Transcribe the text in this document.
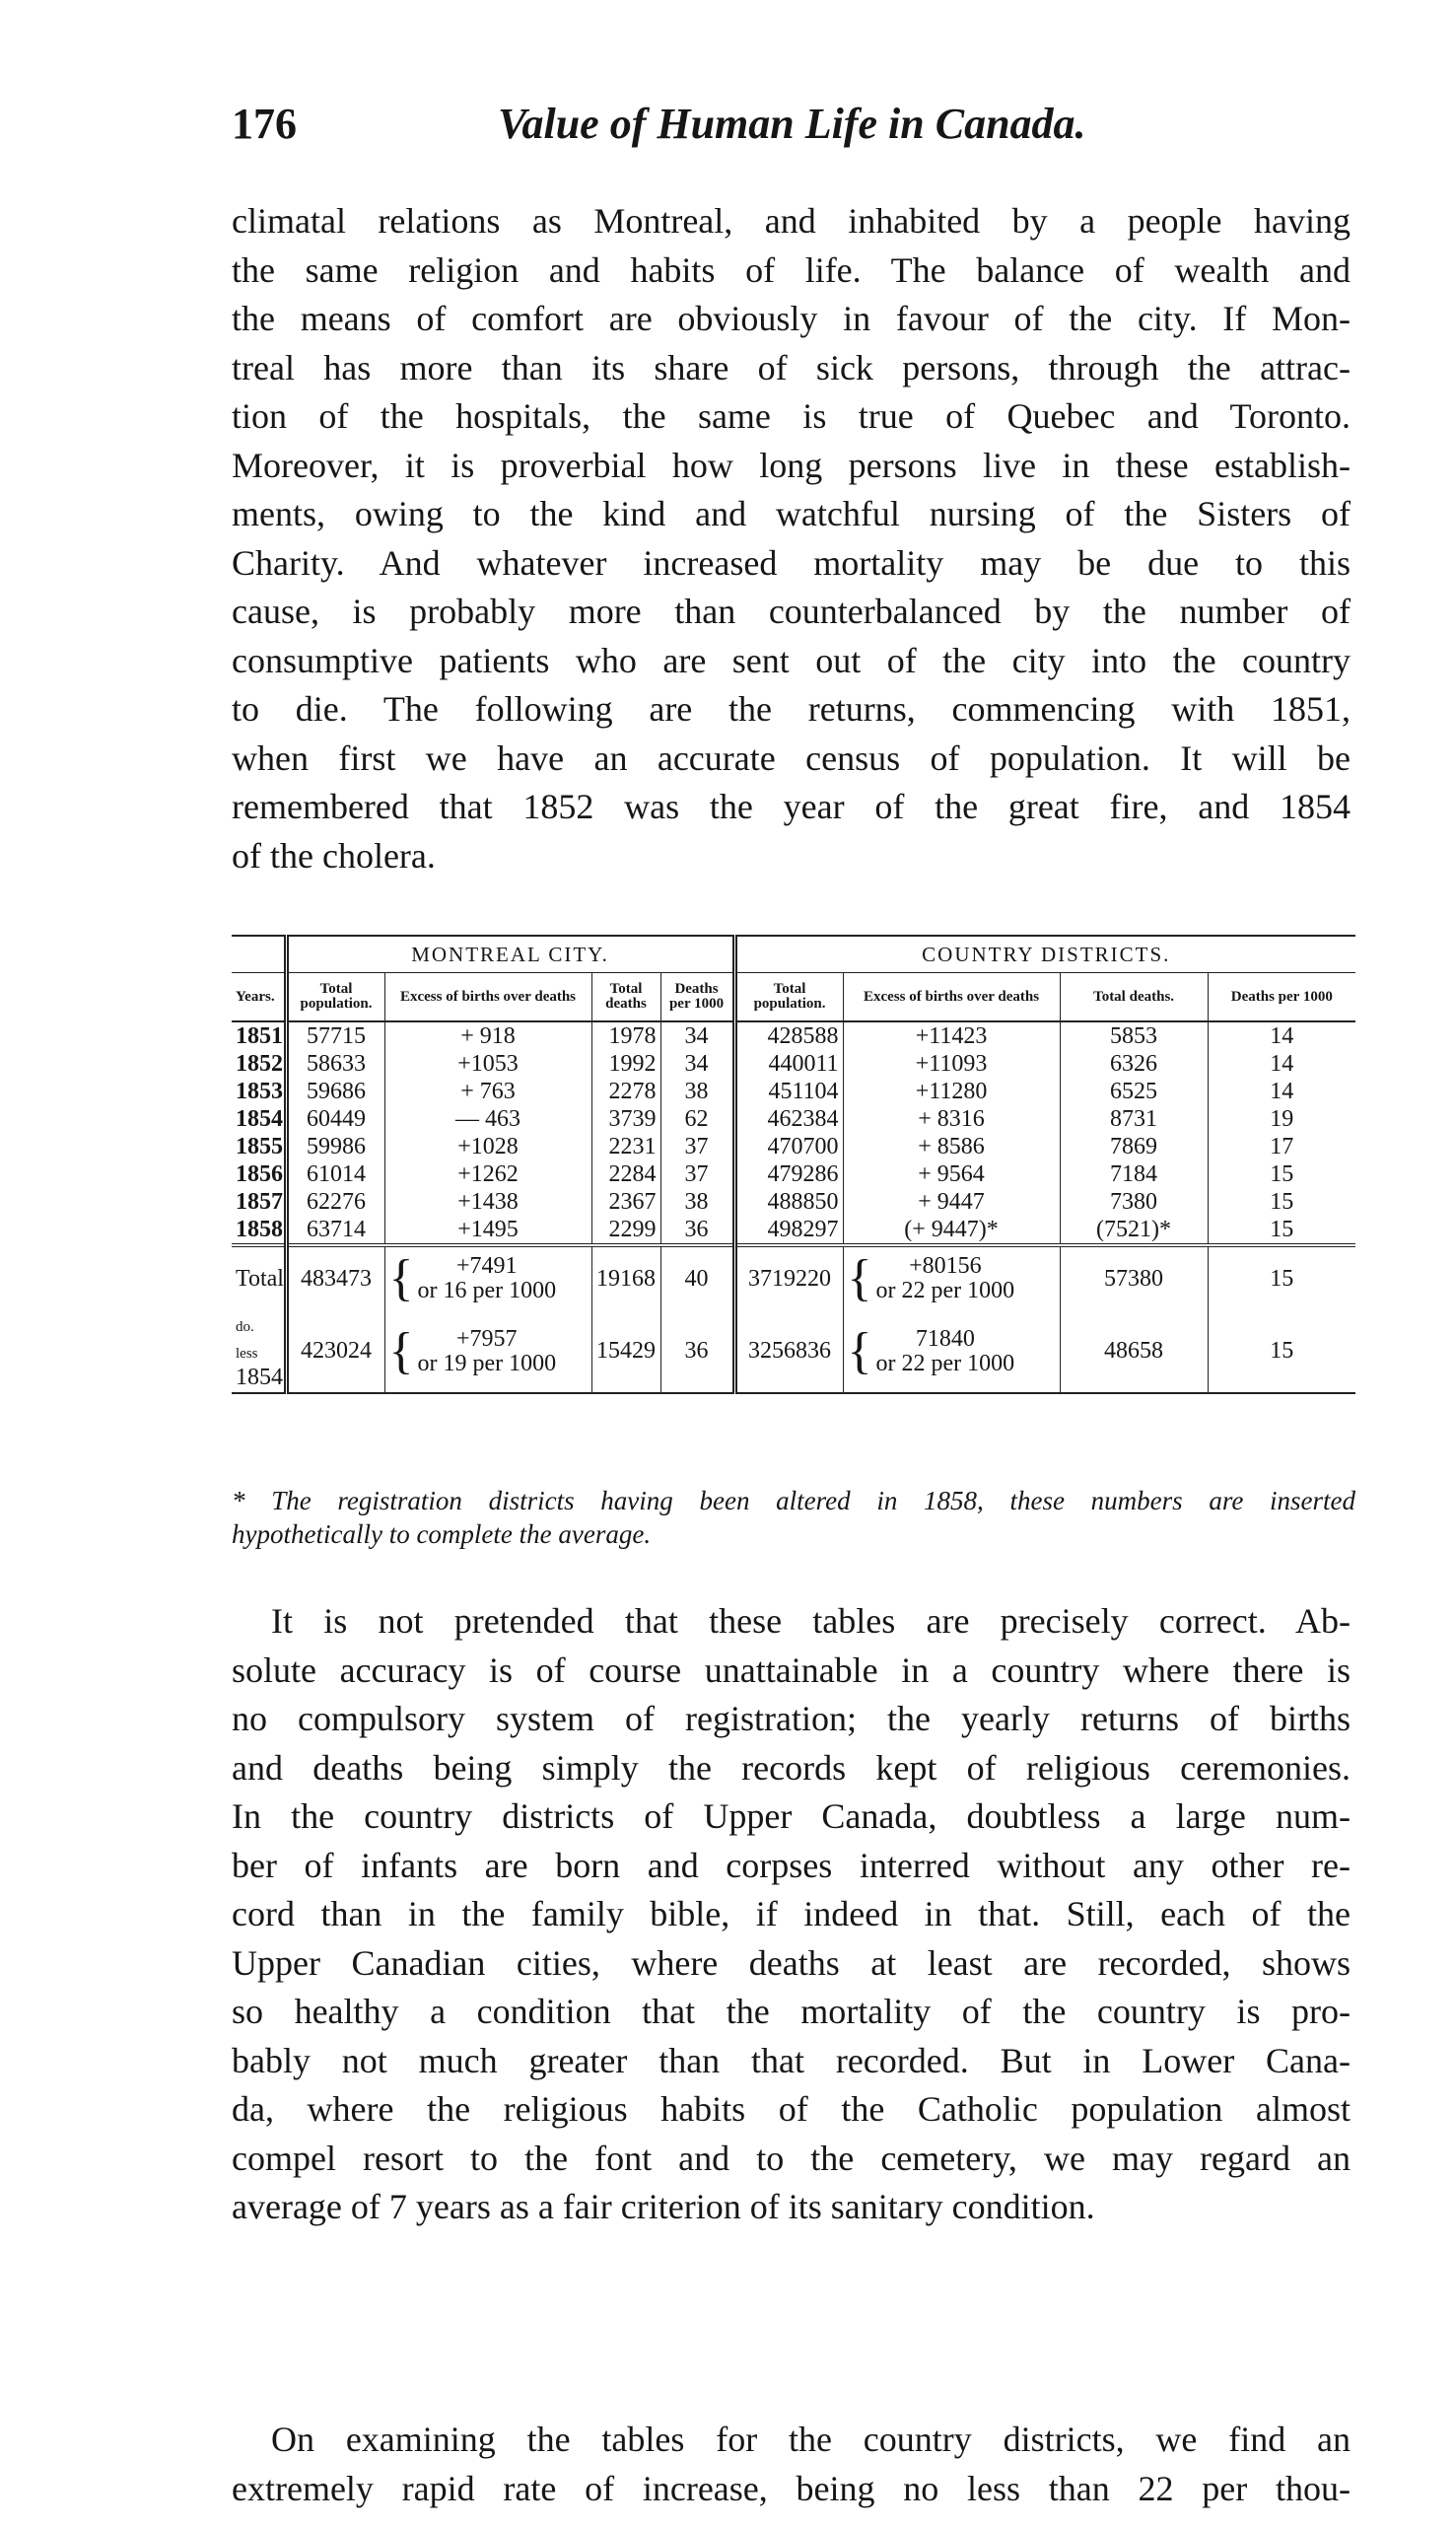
176	Value of Human Life in Canada.

climatal relations as Montreal, and inhabited by a people having
the same religion and habits of life. The balance of wealth and
the means of comfort are obviously in favour of the city. If Mon-
treal has more than its share of sick persons, through the attrac-
tion of the hospitals, the same is true of Quebec and Toronto.
Moreover, it is proverbial how long persons live in these establish-
ments, owing to the kind and watchful nursing of the Sisters of
Charity. And whatever increased mortality may be due to this
cause, is probably more than counterbalanced by the number of
consumptive patients who are sent out of the city into the country
to die. The following are the returns, commencing with 1851,
when first we have an accurate census of population. It will be
remembered that 1852 was the year of the great fire, and 1854
of the cholera.

	MONTREAL CITY.				COUNTRY DISTRICTS.			
Years.	Total population.	Excess of births over deaths	Total deaths	Deaths per 1000	Total population.	Excess of births over deaths	Total deaths.	Deaths per 1000
1851	57715	+ 918	1978	34	428588	+11423	5853	14
1852	58633	+1053	1992	34	440011	+11093	6326	14
1853	59686	+ 763	2278	38	451104	+11280	6525	14
1854	60449	— 463	3739	62	462384	+ 8316	8731	19
1855	59986	+1028	2231	37	470700	+ 8586	7869	17
1856	61014	+1262	2284	37	479286	+ 9564	7184	15
1857	62276	+1438	2367	38	488850	+ 9447	7380	15
1858	63714	+1495	2299	36	498297	(+ 9447)*	(7521)*	15
Total	483473	{ +7491
or 16 per 1000	19168	40	3719220	{ +80156
or 22 per 1000	57380	15
do. less
1854	423024	{ +7957
or 19 per 1000	15429	36	3256836	{ 71840
or 22 per 1000	48658	15

* The registration districts having been altered in 1858, these numbers are inserted
hypothetically to complete the average.

It is not pretended that these tables are precisely correct. Ab-
solute accuracy is of course unattainable in a country where there is
no compulsory system of registration; the yearly returns of births
and deaths being simply the records kept of religious ceremonies.
In the country districts of Upper Canada, doubtless a large num-
ber of infants are born and corpses interred without any other re-
cord than in the family bible, if indeed in that. Still, each of the
Upper Canadian cities, where deaths at least are recorded, shows
so healthy a condition that the mortality of the country is pro-
bably not much greater than that recorded. But in Lower Cana-
da, where the religious habits of the Catholic population almost
compel resort to the font and to the cemetery, we may regard an
average of 7 years as a fair criterion of its sanitary condition.

On examining the tables for the country districts, we find an
extremely rapid rate of increase, being no less than 22 per thou-
